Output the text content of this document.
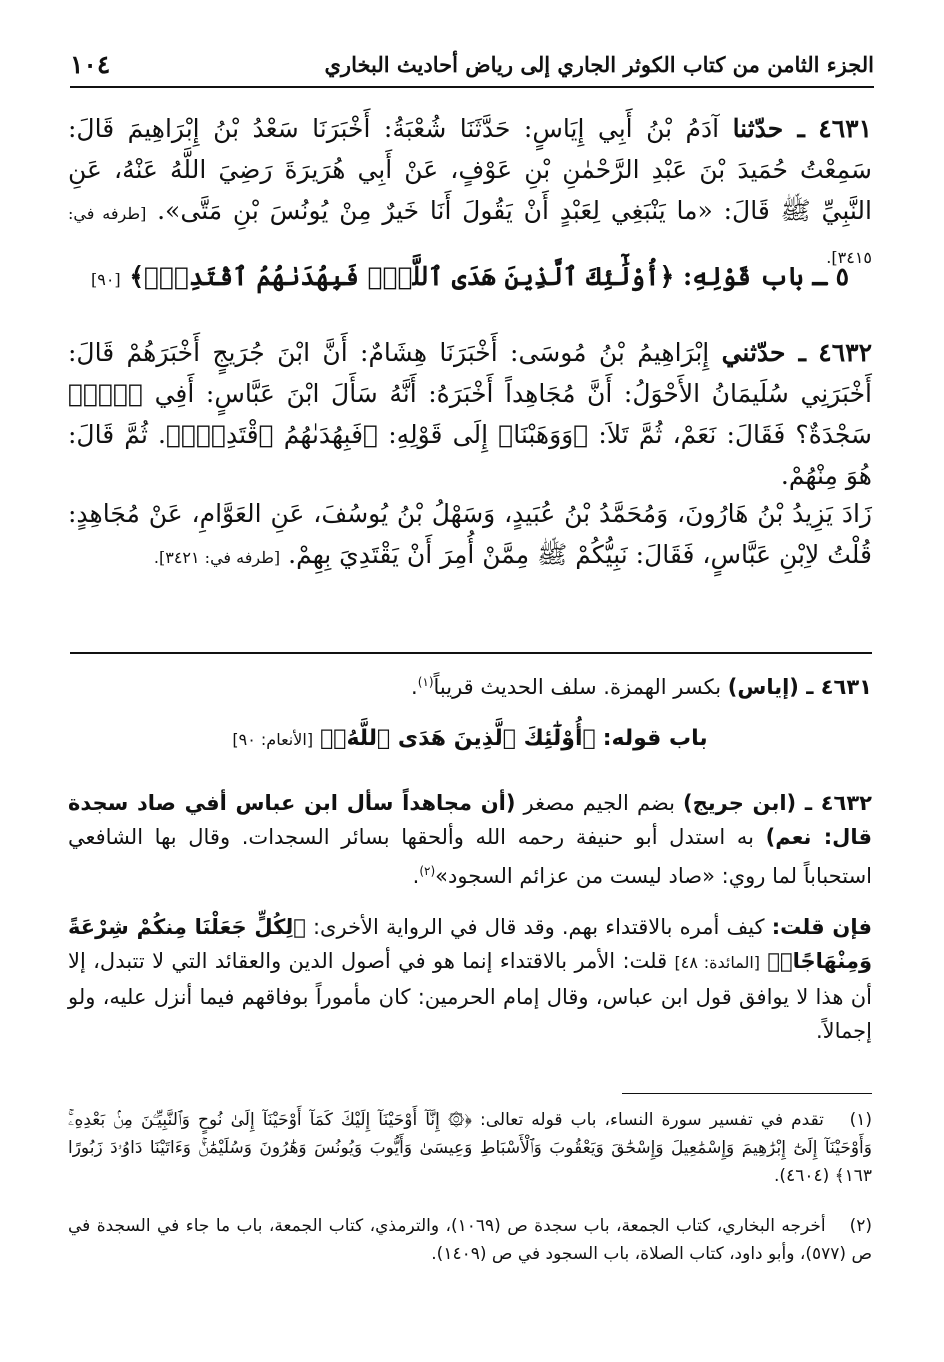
١٠٤	الجزء الثامن من كتاب الكوثر الجاري إلى رياض أحاديث البخاري
٤٦٣١ ـ حدّثنا آدَمُ بْنُ أَبِي إِيَاسٍ: حَدَّثَنَا شُعْبَةُ: أَخْبَرَنَا سَعْدُ بْنُ إِبْرَاهِيمَ قَالَ: سَمِعْتُ حُمَيدَ بْنَ عَبْدِ الرَّحْمٰنِ بْنِ عَوْفٍ، عَنْ أَبِي هُرَيرَةَ رَضِيَ اللَّهُ عَنْهُ، عَنِ النَّبِيِّ ﷺ قَالَ: «ما يَنْبَغِي لِعَبْدٍ أَنْ يَقُولَ أَنَا خَيرٌ مِنْ يُونُسَ بْنِ مَتَّى». [طرفه في: ٣٤١٥].
٥ ـ باب قَوْلِهِ: ﴿أُوْلَٰٓئِكَ ٱلَّذِينَ هَدَى ٱللَّهُۖ فَبِهُدَىٰهُمُ ٱقْتَدِهْۗ﴾ [٩٠]
٤٦٣٢ ـ حدّثني إِبْرَاهِيمُ بْنُ مُوسَى: أَخْبَرَنَا هِشَامٌ: أَنَّ ابْنَ جُرَيجٍ أَخْبَرَهُمْ قَالَ: أَخْبَرَنِي سُلَيمَانُ الأَحْوَلُ: أَنَّ مُجَاهِداً أَخْبَرَهُ: أَنَّهُ سَأَلَ ابْنَ عَبَّاسٍ: أَفِي ﴿صٓۚ﴾ سَجْدَةٌ؟ فَقَالَ: نَعَمْ، ثُمَّ تَلاَ: ﴿وَوَهَبْنَا﴾ إِلَى قَوْلِهِ: ﴿فَبِهُدَىٰهُمُ ٱقْتَدِهْۗ﴾. ثُمَّ قَالَ: هُوَ مِنْهُمْ.
زَادَ يَزِيدُ بْنُ هَارُونَ، وَمُحَمَّدُ بْنُ عُبَيدٍ، وَسَهْلُ بْنُ يُوسُفَ، عَنِ العَوَّامِ، عَنْ مُجَاهِدٍ: قُلْتُ لاِبْنِ عَبَّاسٍ، فَقَالَ: نَبِيُّكُمْ ﷺ مِمَّنْ أُمِرَ أَنْ يَقْتَدِيَ بِهِمْ. [طرفه في: ٣٤٢١].
٤٦٣١ ـ (إياس) بكسر الهمزة. سلف الحديث قريباً$^{(١)}$.
باب قوله: ﴿أُوْلَٰٓئِكَ ٱلَّذِينَ هَدَى ٱللَّهُۖ﴾ [الأنعام: ٩٠]
٤٦٣٢ ـ (ابن جريج) بضم الجيم مصغر (أن مجاهداً سأل ابن عباس أفي صاد سجدة قال: نعم) به استدل أبو حنيفة رحمه الله وألحقها بسائر السجدات. وقال بها الشافعي استحباباً لما روي: «صاد ليست من عزائم السجود»$^{(٢)}$.
فإن قلت: كيف أمره بالاقتداء بهم. وقد قال في الرواية الأخرى: ﴿لِكُلٍّ جَعَلْنَا مِنكُمْ شِرْعَةً وَمِنْهَاجًاۚ﴾ [المائدة: ٤٨] قلت: الأمر بالاقتداء إنما هو في أصول الدين والعقائد التي لا تتبدل، إلا أن هذا لا يوافق قول ابن عباس، وقال إمام الحرمين: كان مأموراً بوفاقهم فيما أنزل عليه، ولو إجمالاً.
(١) تقدم في تفسير سورة النساء، باب قوله تعالى: ﴿۞ إِنَّآ أَوْحَيْنَآ إِلَيْكَ كَمَآ أَوْحَيْنَآ إِلَىٰ نُوحٍ وَٱلنَّبِيِّـۧنَ مِنۢ بَعْدِهِۦۚ وَأَوْحَيْنَآ إِلَىٰٓ إِبْرَٰهِيمَ وَإِسْمَٰعِيلَ وَإِسْحَٰقَ وَيَعْقُوبَ وَٱلْأَسْبَاطِ وَعِيسَىٰ وَأَيُّوبَ وَيُونُسَ وَهَٰرُونَ وَسُلَيْمَٰنَۚ وَءَاتَيْنَا دَاوُۥدَ زَبُورًا ١٦٣﴾ (٤٦٠٤).
(٢) أخرجه البخاري، كتاب الجمعة، باب سجدة ص (١٠٦٩)، والترمذي، كتاب الجمعة، باب ما جاء في السجدة في ص (٥٧٧)، وأبو داود، كتاب الصلاة، باب السجود في ص (١٤٠٩).
